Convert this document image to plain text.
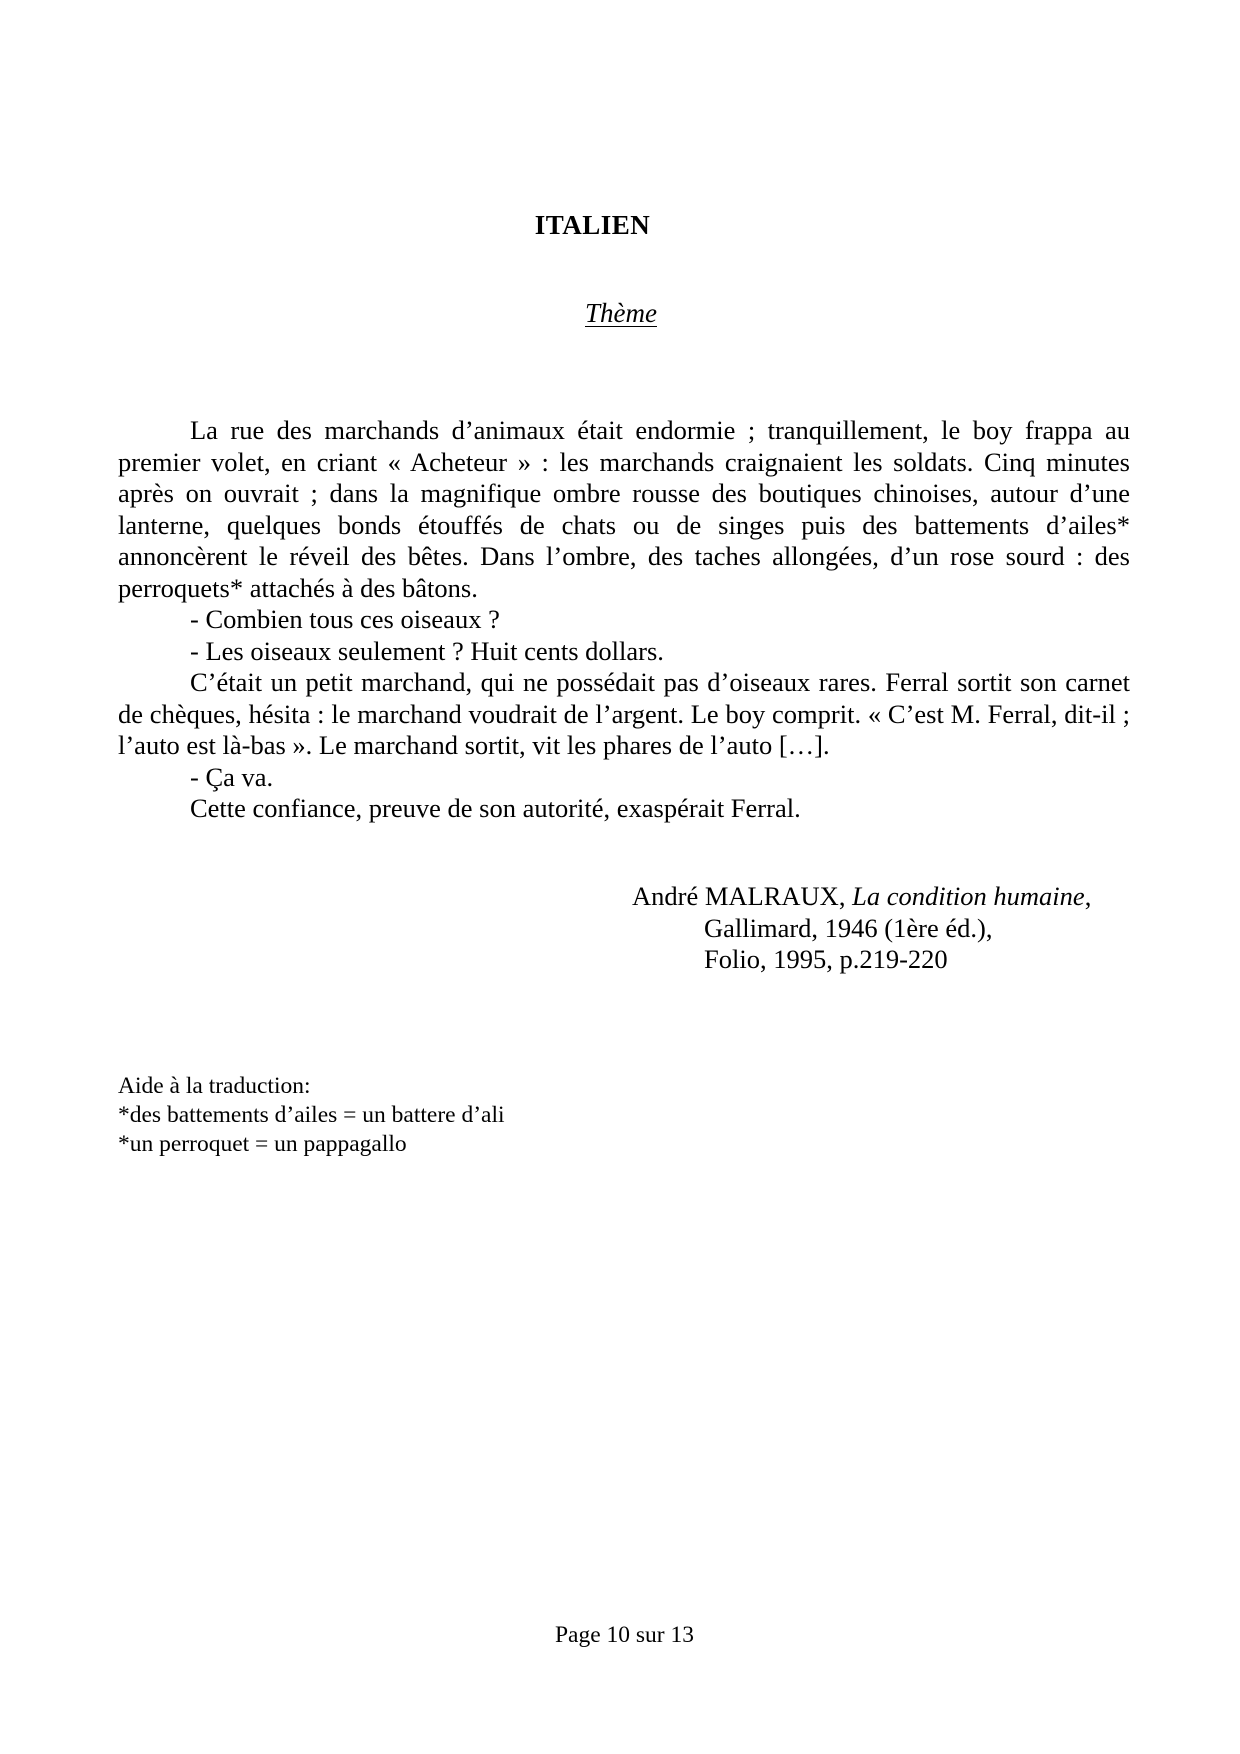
ITALIEN
Thème

La rue des marchands d’animaux était endormie ; tranquillement, le boy frappa au premier volet, en criant « Acheteur » : les marchands craignaient les soldats. Cinq minutes après on ouvrait ; dans la magnifique ombre rousse des boutiques chinoises, autour d’une lanterne, quelques bonds étouffés de chats ou de singes puis des battements d’ailes* annoncèrent le réveil des bêtes. Dans l’ombre, des taches allongées, d’un rose sourd : des perroquets* attachés à des bâtons.

- Combien tous ces oiseaux ?

- Les oiseaux seulement ? Huit cents dollars.

C’était un petit marchand, qui ne possédait pas d’oiseaux rares. Ferral sortit son carnet de chèques, hésita : le marchand voudrait de l’argent. Le boy comprit. « C’est M. Ferral, dit-il ; l’auto est là-bas ». Le marchand sortit, vit les phares de l’auto […].

- Ça va.

Cette confiance, preuve de son autorité, exaspérait Ferral.

André MALRAUX, La condition humaine,
Gallimard, 1946 (1ère éd.),
Folio, 1995, p.219-220
Aide à la traduction:
*des battements d’ailes = un battere d’ali
*un perroquet = un pappagallo
Page 10 sur 13
